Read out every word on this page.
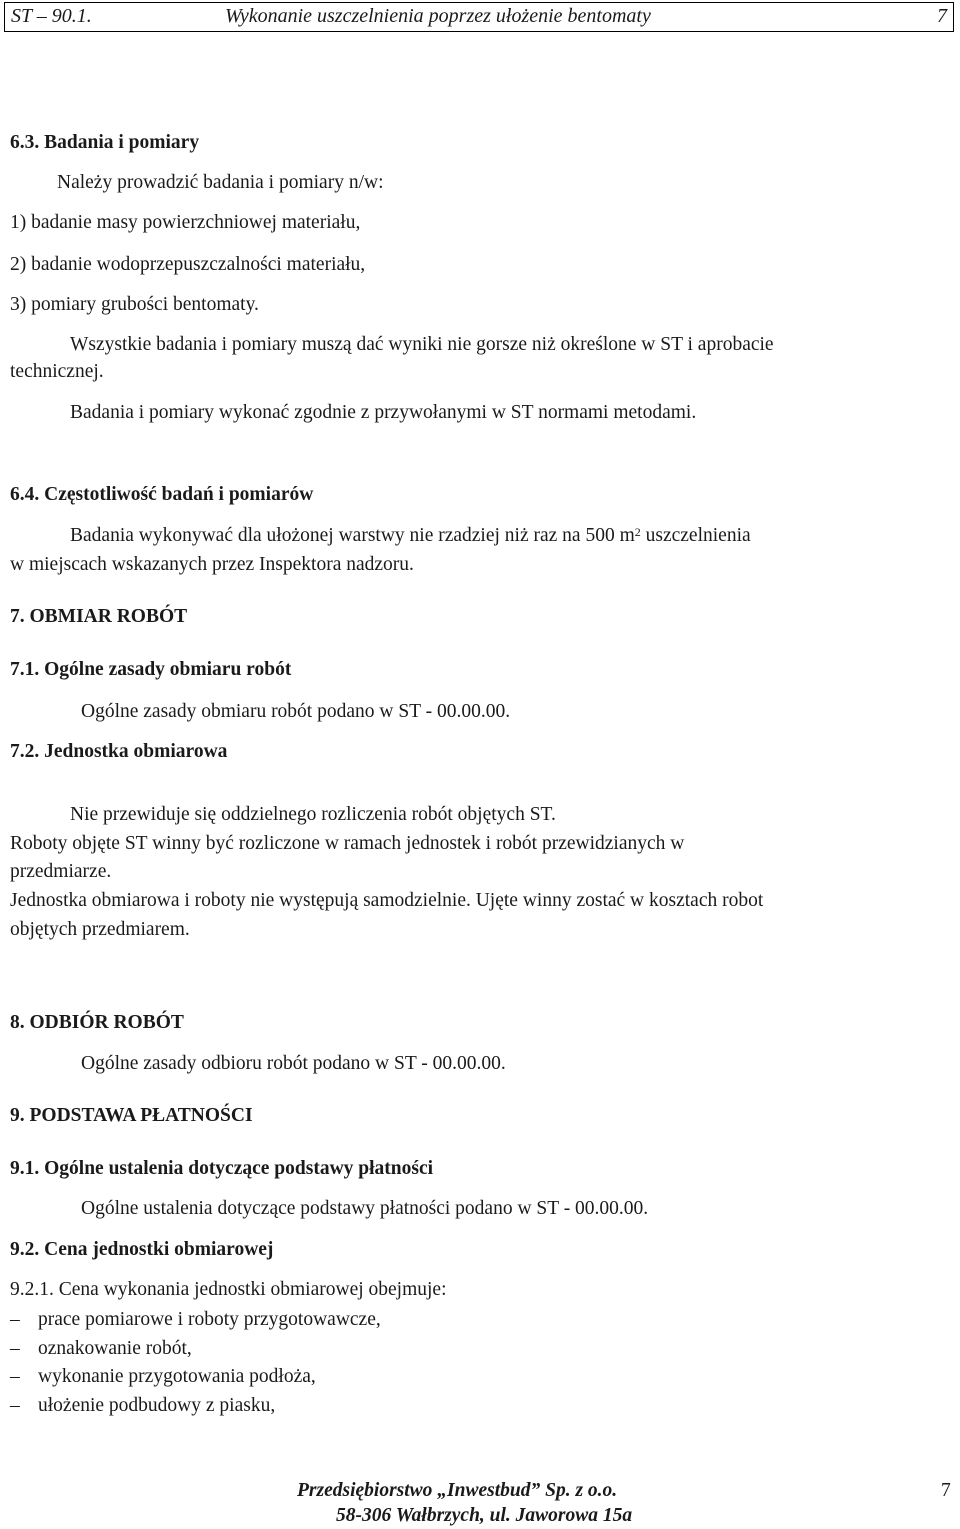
ST – 90.1.	Wykonanie uszczelnienia poprzez ułożenie bentomaty	7
6.3. Badania i pomiary
Należy prowadzić badania i pomiary n/w:
1) badanie masy powierzchniowej materiału,
2) badanie wodoprzepuszczalności materiału,
3) pomiary grubości bentomaty.
Wszystkie badania i pomiary muszą dać wyniki nie gorsze niż określone w ST i aprobacie
technicznej.
Badania i pomiary wykonać zgodnie z przywołanymi w ST normami metodami.
6.4. Częstotliwość badań i pomiarów
Badania wykonywać dla ułożonej warstwy nie rzadziej niż raz na 500 $m^2$ uszczelnienia
w miejscach wskazanych przez Inspektora nadzoru.
7. OBMIAR ROBÓT
7.1. Ogólne zasady obmiaru robót
Ogólne zasady obmiaru robót podano w ST - 00.00.00.
7.2. Jednostka obmiarowa
Nie przewiduje się oddzielnego rozliczenia robót objętych ST.
Roboty objęte ST winny być rozliczone w ramach jednostek i robót przewidzianych w
przedmiarze.
Jednostka obmiarowa i roboty nie występują samodzielnie. Ujęte winny zostać w kosztach robot
objętych przedmiarem.
8. ODBIÓR ROBÓT
Ogólne zasady odbioru robót podano w ST - 00.00.00.
9. PODSTAWA PŁATNOŚCI
9.1. Ogólne ustalenia dotyczące podstawy płatności
Ogólne ustalenia dotyczące podstawy płatności podano w ST - 00.00.00.
9.2. Cena jednostki obmiarowej
9.2.1. Cena wykonania jednostki obmiarowej obejmuje:
– prace pomiarowe i roboty przygotowawcze,
– oznakowanie robót,
– wykonanie przygotowania podłoża,
– ułożenie podbudowy z piasku,
Przedsiębiorstwo „Inwestbud” Sp. z o.o.
58-306 Wałbrzych, ul. Jaworowa 15a
7
